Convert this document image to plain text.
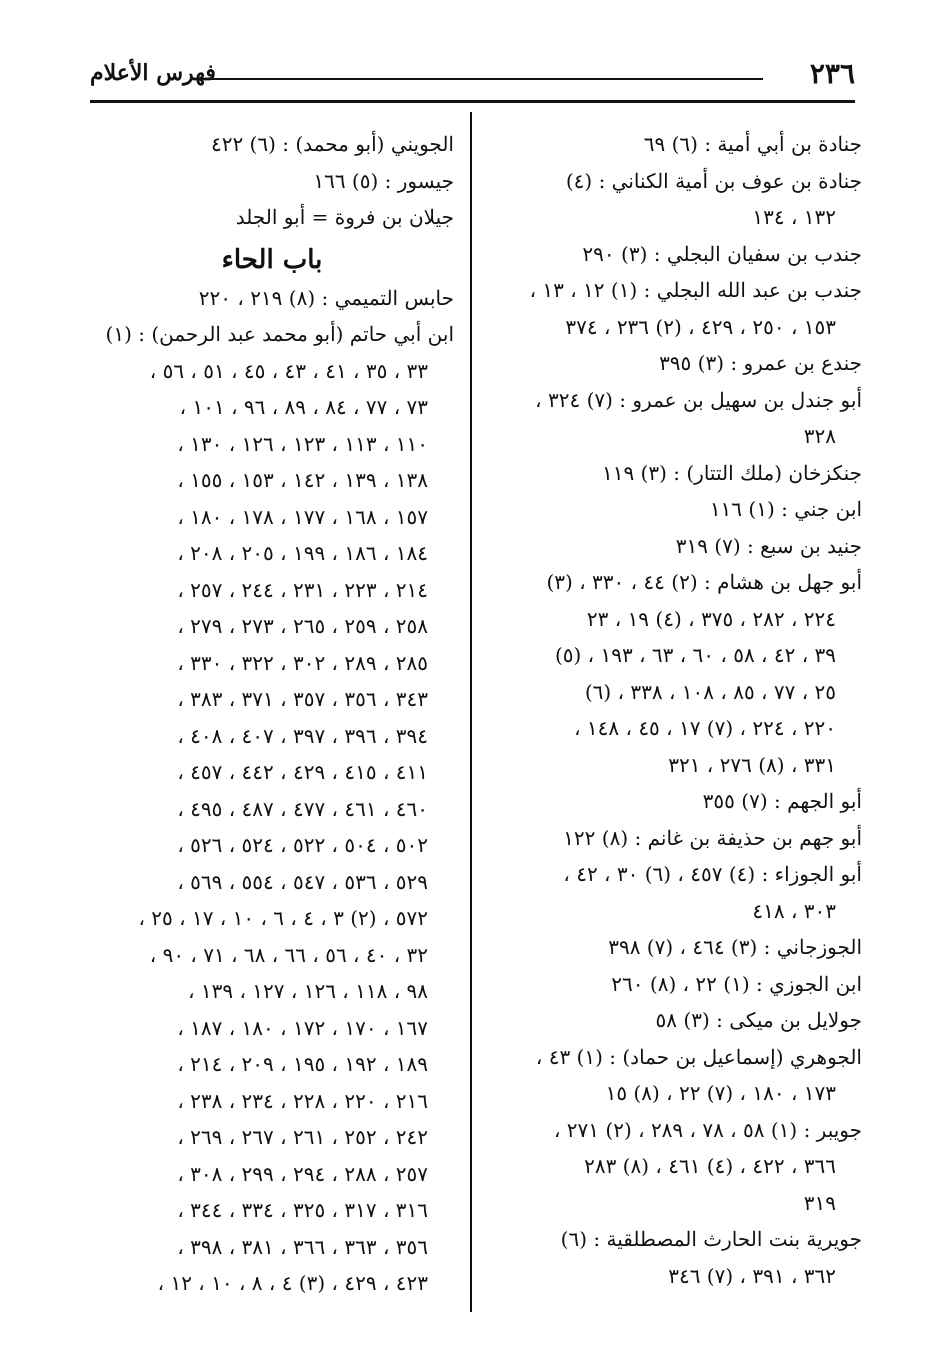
٢٣٦
فهرس الأعلام
جنادة بن أبي أمية : (٦) ٦٩
جنادة بن عوف بن أمية الكناني : (٤)
١٣٢ ، ١٣٤
جندب بن سفيان البجلي : (٣) ٢٩٠
جندب بن عبد الله البجلي : (١) ١٢ ، ١٣ ،
١٥٣ ، ٢٥٠ ، ٤٢٩ ، (٢) ٢٣٦ ، ٣٧٤
جندع بن عمرو : (٣) ٣٩٥
أبو جندل بن سهيل بن عمرو : (٧) ٣٢٤ ،
٣٢٨
جنكزخان (ملك التتار) : (٣) ١١٩
ابن جني : (١) ١١٦
جنيد بن سبع : (٧) ٣١٩
أبو جهل بن هشام : (٢) ٤٤ ، ٣٣٠ ، (٣)
٢٢٤ ، ٢٨٢ ، ٣٧٥ ، (٤) ١٩ ، ٢٣
٣٩ ، ٤٢ ، ٥٨ ، ٦٠ ، ٦٣ ، ١٩٣ ، (٥)
٢٥ ، ٧٧ ، ٨٥ ، ١٠٨ ، ٣٣٨ ، (٦)
٢٢٠ ، ٢٢٤ ، (٧) ١٧ ، ٤٥ ، ١٤٨ ،
٣٣١ ، (٨) ٢٧٦ ، ٣٢١
أبو الجهم : (٧) ٣٥٥
أبو جهم بن حذيفة بن غانم : (٨) ١٢٢
أبو الجوزاء : (٤) ٤٥٧ ، (٦) ٣٠ ، ٤٢ ،
٣٠٣ ، ٤١٨
الجوزجاني : (٣) ٤٦٤ ، (٧) ٣٩٨
ابن الجوزي : (١) ٢٢ ، (٨) ٢٦٠
جولايل بن ميكى : (٣) ٥٨
الجوهري (إسماعيل بن حماد) : (١) ٤٣ ،
١٧٣ ، ١٨٠ ، (٧) ٢٢ ، (٨) ١٥
جويبر : (١) ٥٨ ، ٧٨ ، ٢٨٩ ، (٢) ٢٧١ ،
٣٦٦ ، ٤٢٢ ، (٤) ٤٦١ ، (٨) ٢٨٣
٣١٩
جويرية بنت الحارث المصطلقية : (٦)
٣٦٢ ، ٣٩١ ، (٧) ٣٤٦
الجويني (أبو محمد) : (٦) ٤٢٢
جيسور : (٥) ١٦٦
جيلان بن فروة = أبو الجلد
باب الحاء
حابس التميمي : (٨) ٢١٩ ، ٢٢٠
ابن أبي حاتم (أبو محمد عبد الرحمن) : (١)
٣٣ ، ٣٥ ، ٤١ ، ٤٣ ، ٤٥ ، ٥١ ، ٥٦ ،
٧٣ ، ٧٧ ، ٨٤ ، ٨٩ ، ٩٦ ، ١٠١ ،
١١٠ ، ١١٣ ، ١٢٣ ، ١٢٦ ، ١٣٠ ،
١٣٨ ، ١٣٩ ، ١٤٢ ، ١٥٣ ، ١٥٥ ،
١٥٧ ، ١٦٨ ، ١٧٧ ، ١٧٨ ، ١٨٠ ،
١٨٤ ، ١٨٦ ، ١٩٩ ، ٢٠٥ ، ٢٠٨ ،
٢١٤ ، ٢٢٣ ، ٢٣١ ، ٢٤٤ ، ٢٥٧ ،
٢٥٨ ، ٢٥٩ ، ٢٦٥ ، ٢٧٣ ، ٢٧٩ ،
٢٨٥ ، ٢٨٩ ، ٣٠٢ ، ٣٢٢ ، ٣٣٠ ،
٣٤٣ ، ٣٥٦ ، ٣٥٧ ، ٣٧١ ، ٣٨٣ ،
٣٩٤ ، ٣٩٦ ، ٣٩٧ ، ٤٠٧ ، ٤٠٨ ،
٤١١ ، ٤١٥ ، ٤٢٩ ، ٤٤٢ ، ٤٥٧ ،
٤٦٠ ، ٤٦١ ، ٤٧٧ ، ٤٨٧ ، ٤٩٥ ،
٥٠٢ ، ٥٠٤ ، ٥٢٢ ، ٥٢٤ ، ٥٢٦ ،
٥٢٩ ، ٥٣٦ ، ٥٤٧ ، ٥٥٤ ، ٥٦٩ ،
٥٧٢ ، (٢) ٣ ، ٤ ، ٦ ، ١٠ ، ١٧ ، ٢٥ ،
٣٢ ، ٤٠ ، ٥٦ ، ٦٦ ، ٦٨ ، ٧١ ، ٩٠ ،
٩٨ ، ١١٨ ، ١٢٦ ، ١٢٧ ، ١٣٩ ،
١٦٧ ، ١٧٠ ، ١٧٢ ، ١٨٠ ، ١٨٧ ،
١٨٩ ، ١٩٢ ، ١٩٥ ، ٢٠٩ ، ٢١٤ ،
٢١٦ ، ٢٢٠ ، ٢٢٨ ، ٢٣٤ ، ٢٣٨ ،
٢٤٢ ، ٢٥٢ ، ٢٦١ ، ٢٦٧ ، ٢٦٩ ،
٢٥٧ ، ٢٨٨ ، ٢٩٤ ، ٢٩٩ ، ٣٠٨ ،
٣١٦ ، ٣١٧ ، ٣٢٥ ، ٣٣٤ ، ٣٤٤ ،
٣٥٦ ، ٣٦٣ ، ٣٦٦ ، ٣٨١ ، ٣٩٨ ،
٤٢٣ ، ٤٢٩ ، (٣) ٤ ، ٨ ، ١٠ ، ١٢ ،
